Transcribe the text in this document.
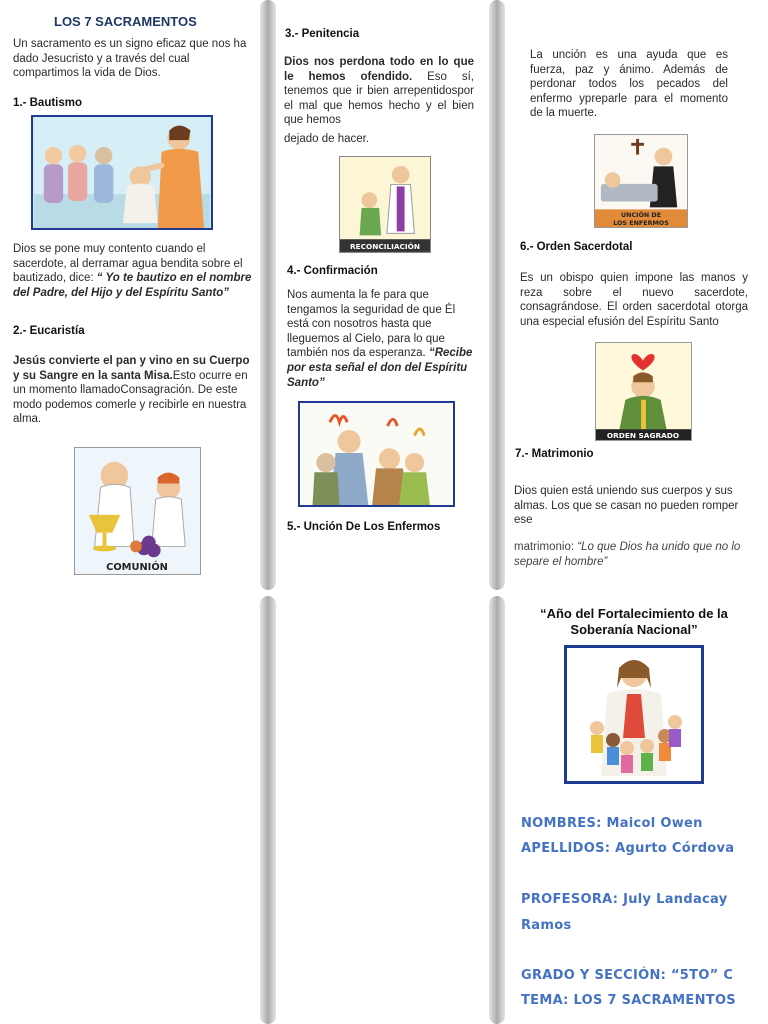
LOS 7 SACRAMENTOS
Un sacramento es un signo eficaz que nos ha dado Jesucristo y a través del cual compartimos la vida de Dios.
1.- Bautismo
Dios se pone muy contento cuando el sacerdote, al derramar agua bendita sobre el bautizado, dice: “ Yo te bautizo en el nombre del Padre, del Hijo y del Espíritu Santo”
2.- Eucaristía
Jesús convierte el pan y vino en su Cuerpo y su Sangre en la santa Misa.Esto ocurre en un momento llamadoConsagración. De este modo podemos comerle y recibirle en nuestra alma.
COMUNIÓN
3.- Penitencia
Dios nos perdona todo en lo que le hemos ofendido. Eso sí, tenemos que ir bien arrepentidospor el mal que hemos hecho y el bien que hemos
dejado de hacer.
RECONCILIACIÓN
4.- Confirmación
Nos aumenta la fe para que tengamos la seguridad de que Él está con nosotros hasta que lleguemos al Cielo, para lo que también nos da esperanza. “Recibe por esta señal el don del Espíritu Santo”
5.- Unción De Los Enfermos
La unción es una ayuda que es fuerza, paz y ánimo. Además de perdonar todos los pecados del enfermo ypreparle para el momento de la muerte.
UNCIÓN DE
LOS ENFERMOS
6.- Orden Sacerdotal
Es un obispo quien impone las manos y reza sobre el nuevo sacerdote, consagrándose. El orden sacerdotal otorga una especial efusión del Espíritu Santo
ORDEN SAGRADO
7.- Matrimonio
Dios quien está uniendo sus cuerpos y sus almas. Los que se casan no pueden romper ese
matrimonio: “Lo que Dios ha unido que no lo separe el hombre”
“Año del Fortalecimiento de la Soberanía Nacional”
NOMBRES: Maicol Owen
APELLIDOS: Agurto Córdova
PROFESORA: July Landacay
Ramos
GRADO Y SECCIÓN: “5TO” C
TEMA: LOS 7 SACRAMENTOS
